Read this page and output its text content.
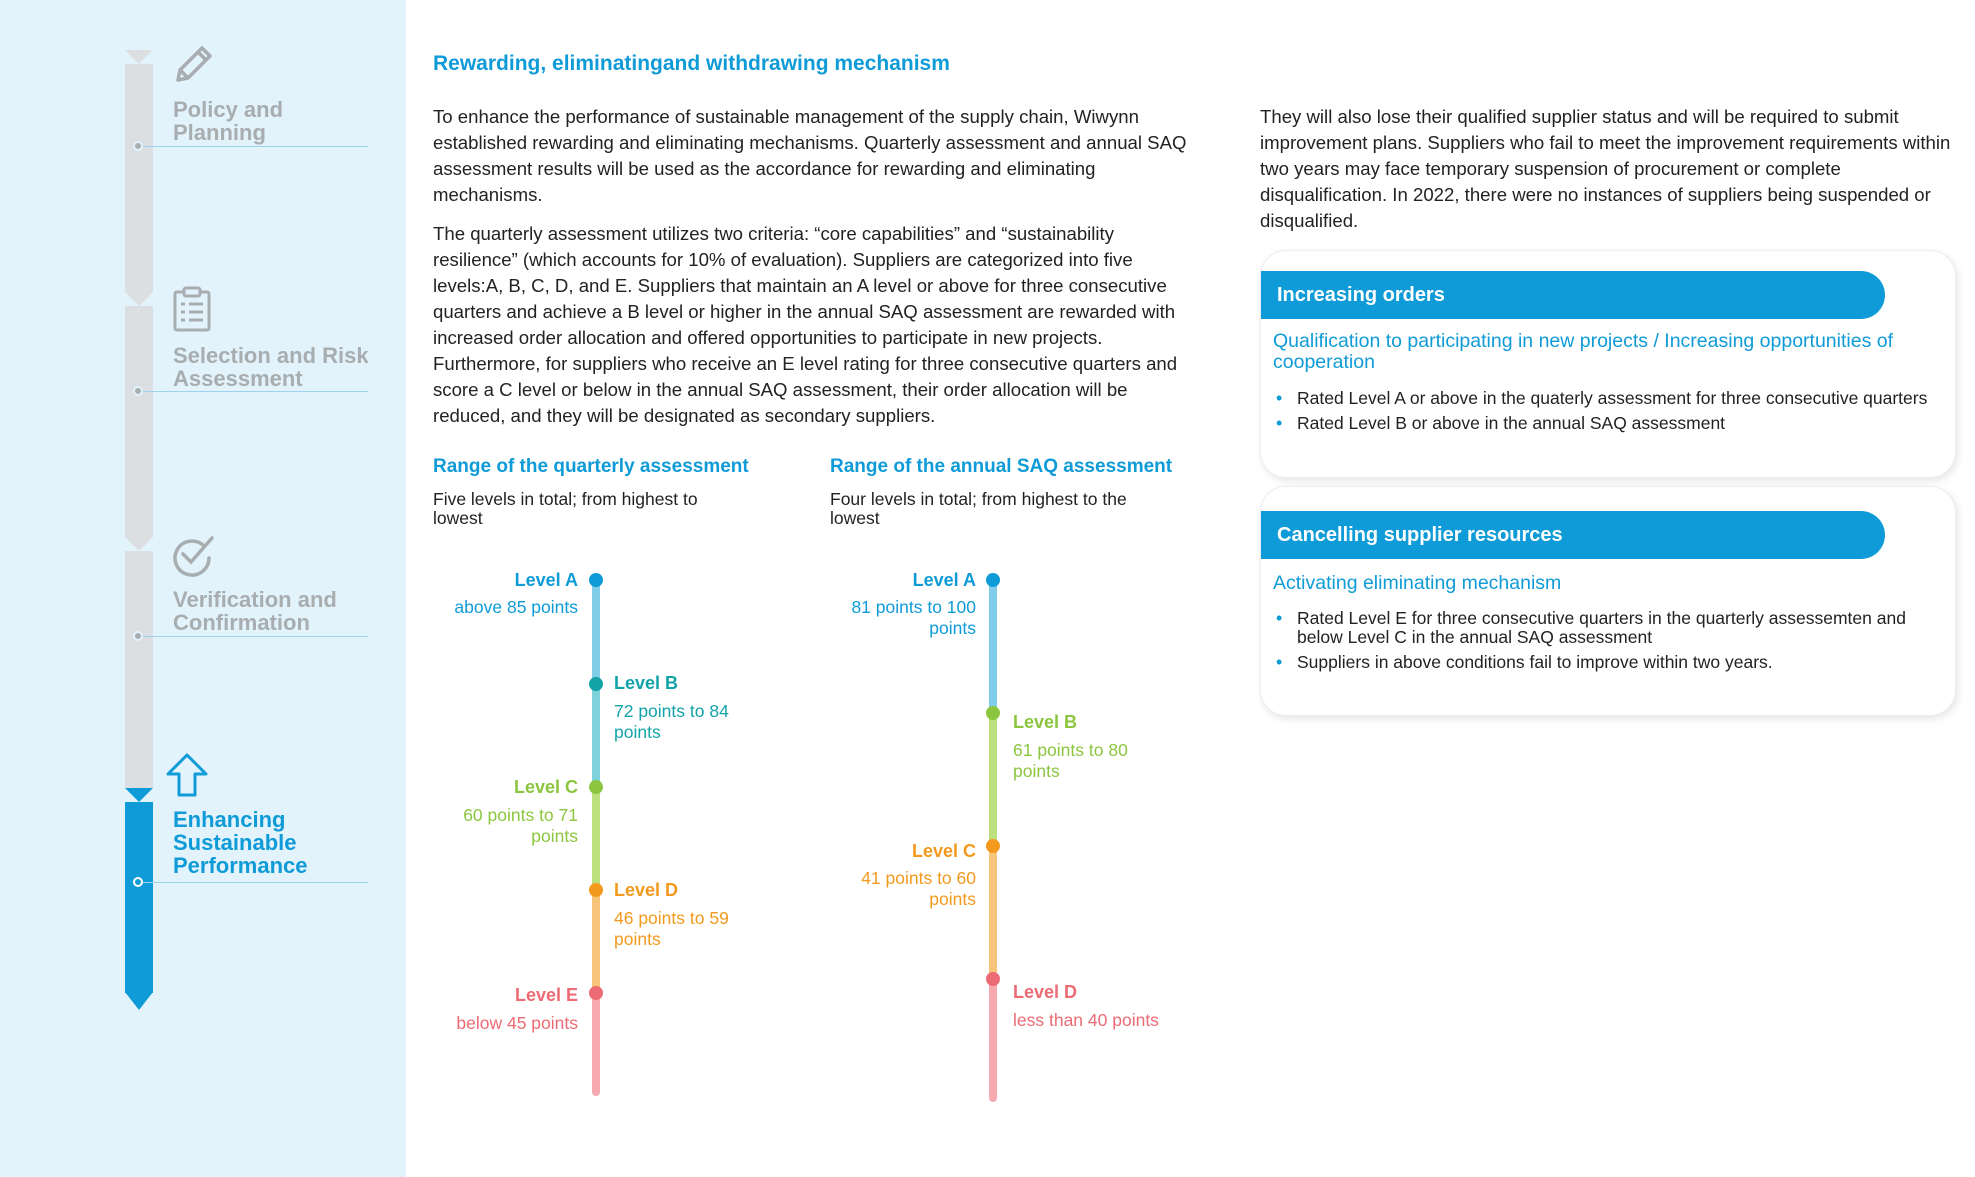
Policy and
Planning
Selection and Risk
Assessment
Verification and
Confirmation
Enhancing
Sustainable
Performance
Rewarding, eliminatingand withdrawing mechanism
To enhance the performance of sustainable management of the supply chain, Wiwynn established rewarding and eliminating mechanisms. Quarterly assessment and annual SAQ assessment results will be used as the accordance for rewarding and eliminating mechanisms.
The quarterly assessment utilizes two criteria: “core capabilities” and “sustainability resilience” (which accounts for 10% of evaluation). Suppliers are categorized into five levels:A, B, C, D, and E. Suppliers that maintain an A level or above for three consecutive quarters and achieve a B level or higher in the annual SAQ assessment are rewarded with increased order allocation and offered opportunities to participate in new projects. Furthermore, for suppliers who receive an E level rating for three consecutive quarters and score a C level or below in the annual SAQ assessment, their order allocation will be reduced, and they will be designated as secondary suppliers.
Range of the quarterly assessment
Five levels in total; from highest to lowest
Level A
above 85 points
Level B
72 points to 84 points
Level C
60 points to 71 points
Level D
46 points to 59 points
Level E
below 45 points
Range of the annual SAQ assessment
Four levels in total; from highest to the lowest
Level A
81 points to 100 points
Level B
61 points to 80 points
Level C
41 points to 60 points
Level D
less than 40 points
They will also lose their qualified supplier status and will be required to submit improvement plans. Suppliers who fail to meet the improvement requirements within two years may face temporary suspension of procurement or complete disqualification. In 2022, there were no instances of suppliers being suspended or disqualified.
Increasing orders
Qualification to participating in new projects / Increasing opportunities of cooperation
• Rated Level A or above in the quaterly assessment for three consecutive quarters
• Rated Level B or above in the annual SAQ assessment
Cancelling supplier resources
Activating eliminating mechanism
• Rated Level E for three consecutive quarters in the quarterly assessemten and below Level C in the annual SAQ assessment
• Suppliers in above conditions fail to improve within two years.
